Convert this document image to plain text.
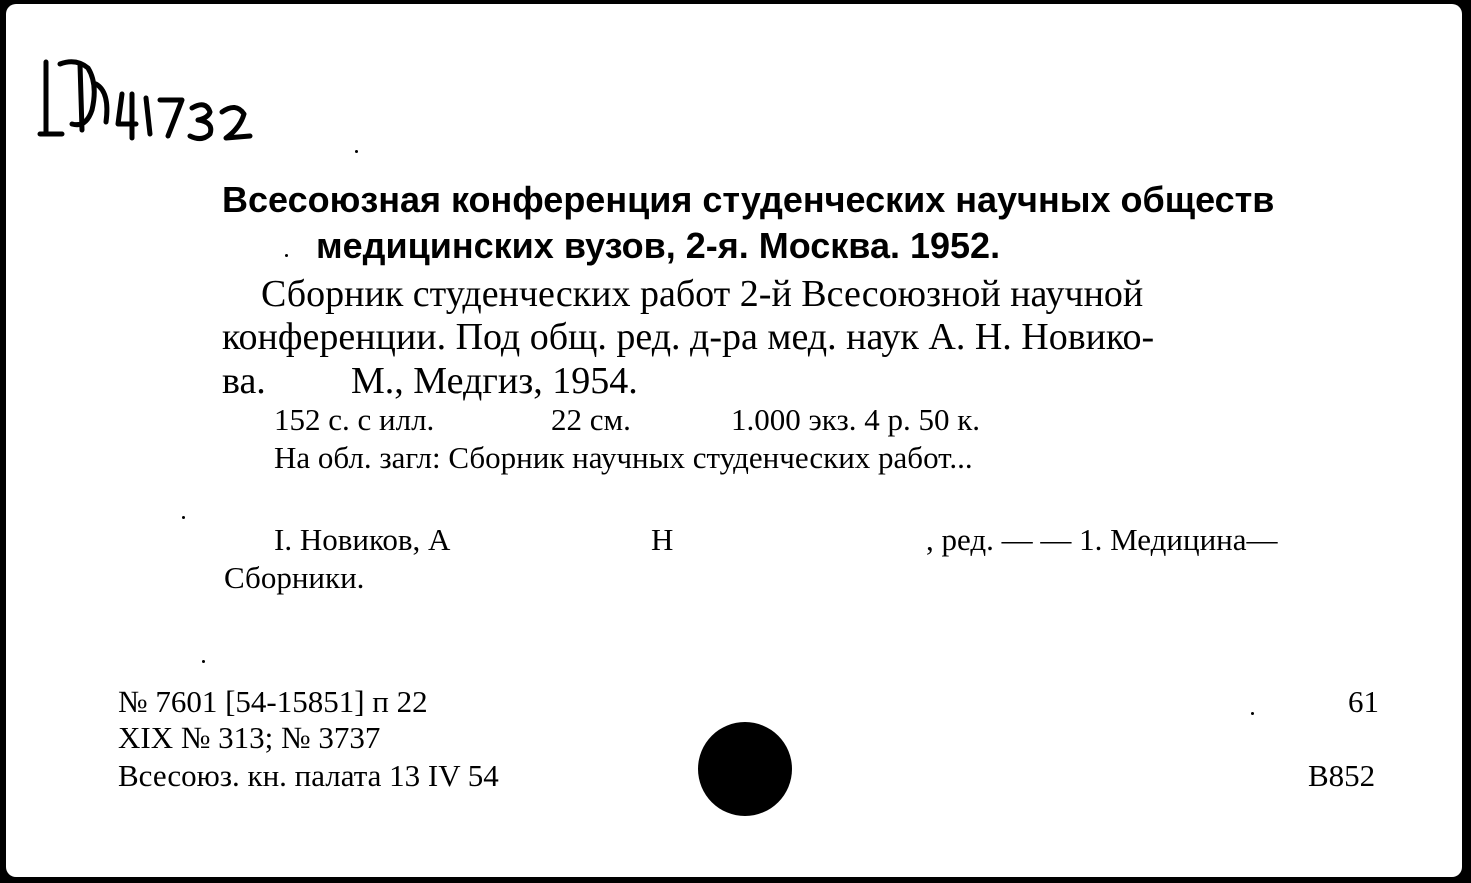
Всесоюзная конференция студенческих научных обществ
медицинских вузов, 2-я. Москва. 1952.
Сборник студенческих работ 2-й Всесоюзной научной
конференции. Под общ. ред. д-ра мед. наук А. Н. Новико-
ва. М., Медгиз, 1954.
152 с. с илл.	22 см.	1.000 экз. 4 р. 50 к.
На обл. загл: Сборник научных студенческих работ...
I. Новиков, А	Н	, ред. — — 1. Медицина—
Сборники.
№ 7601 [54-15851] п 22
XIX № 313; № 3737
Всесоюз. кн. палата 13 IV 54
61
В852
